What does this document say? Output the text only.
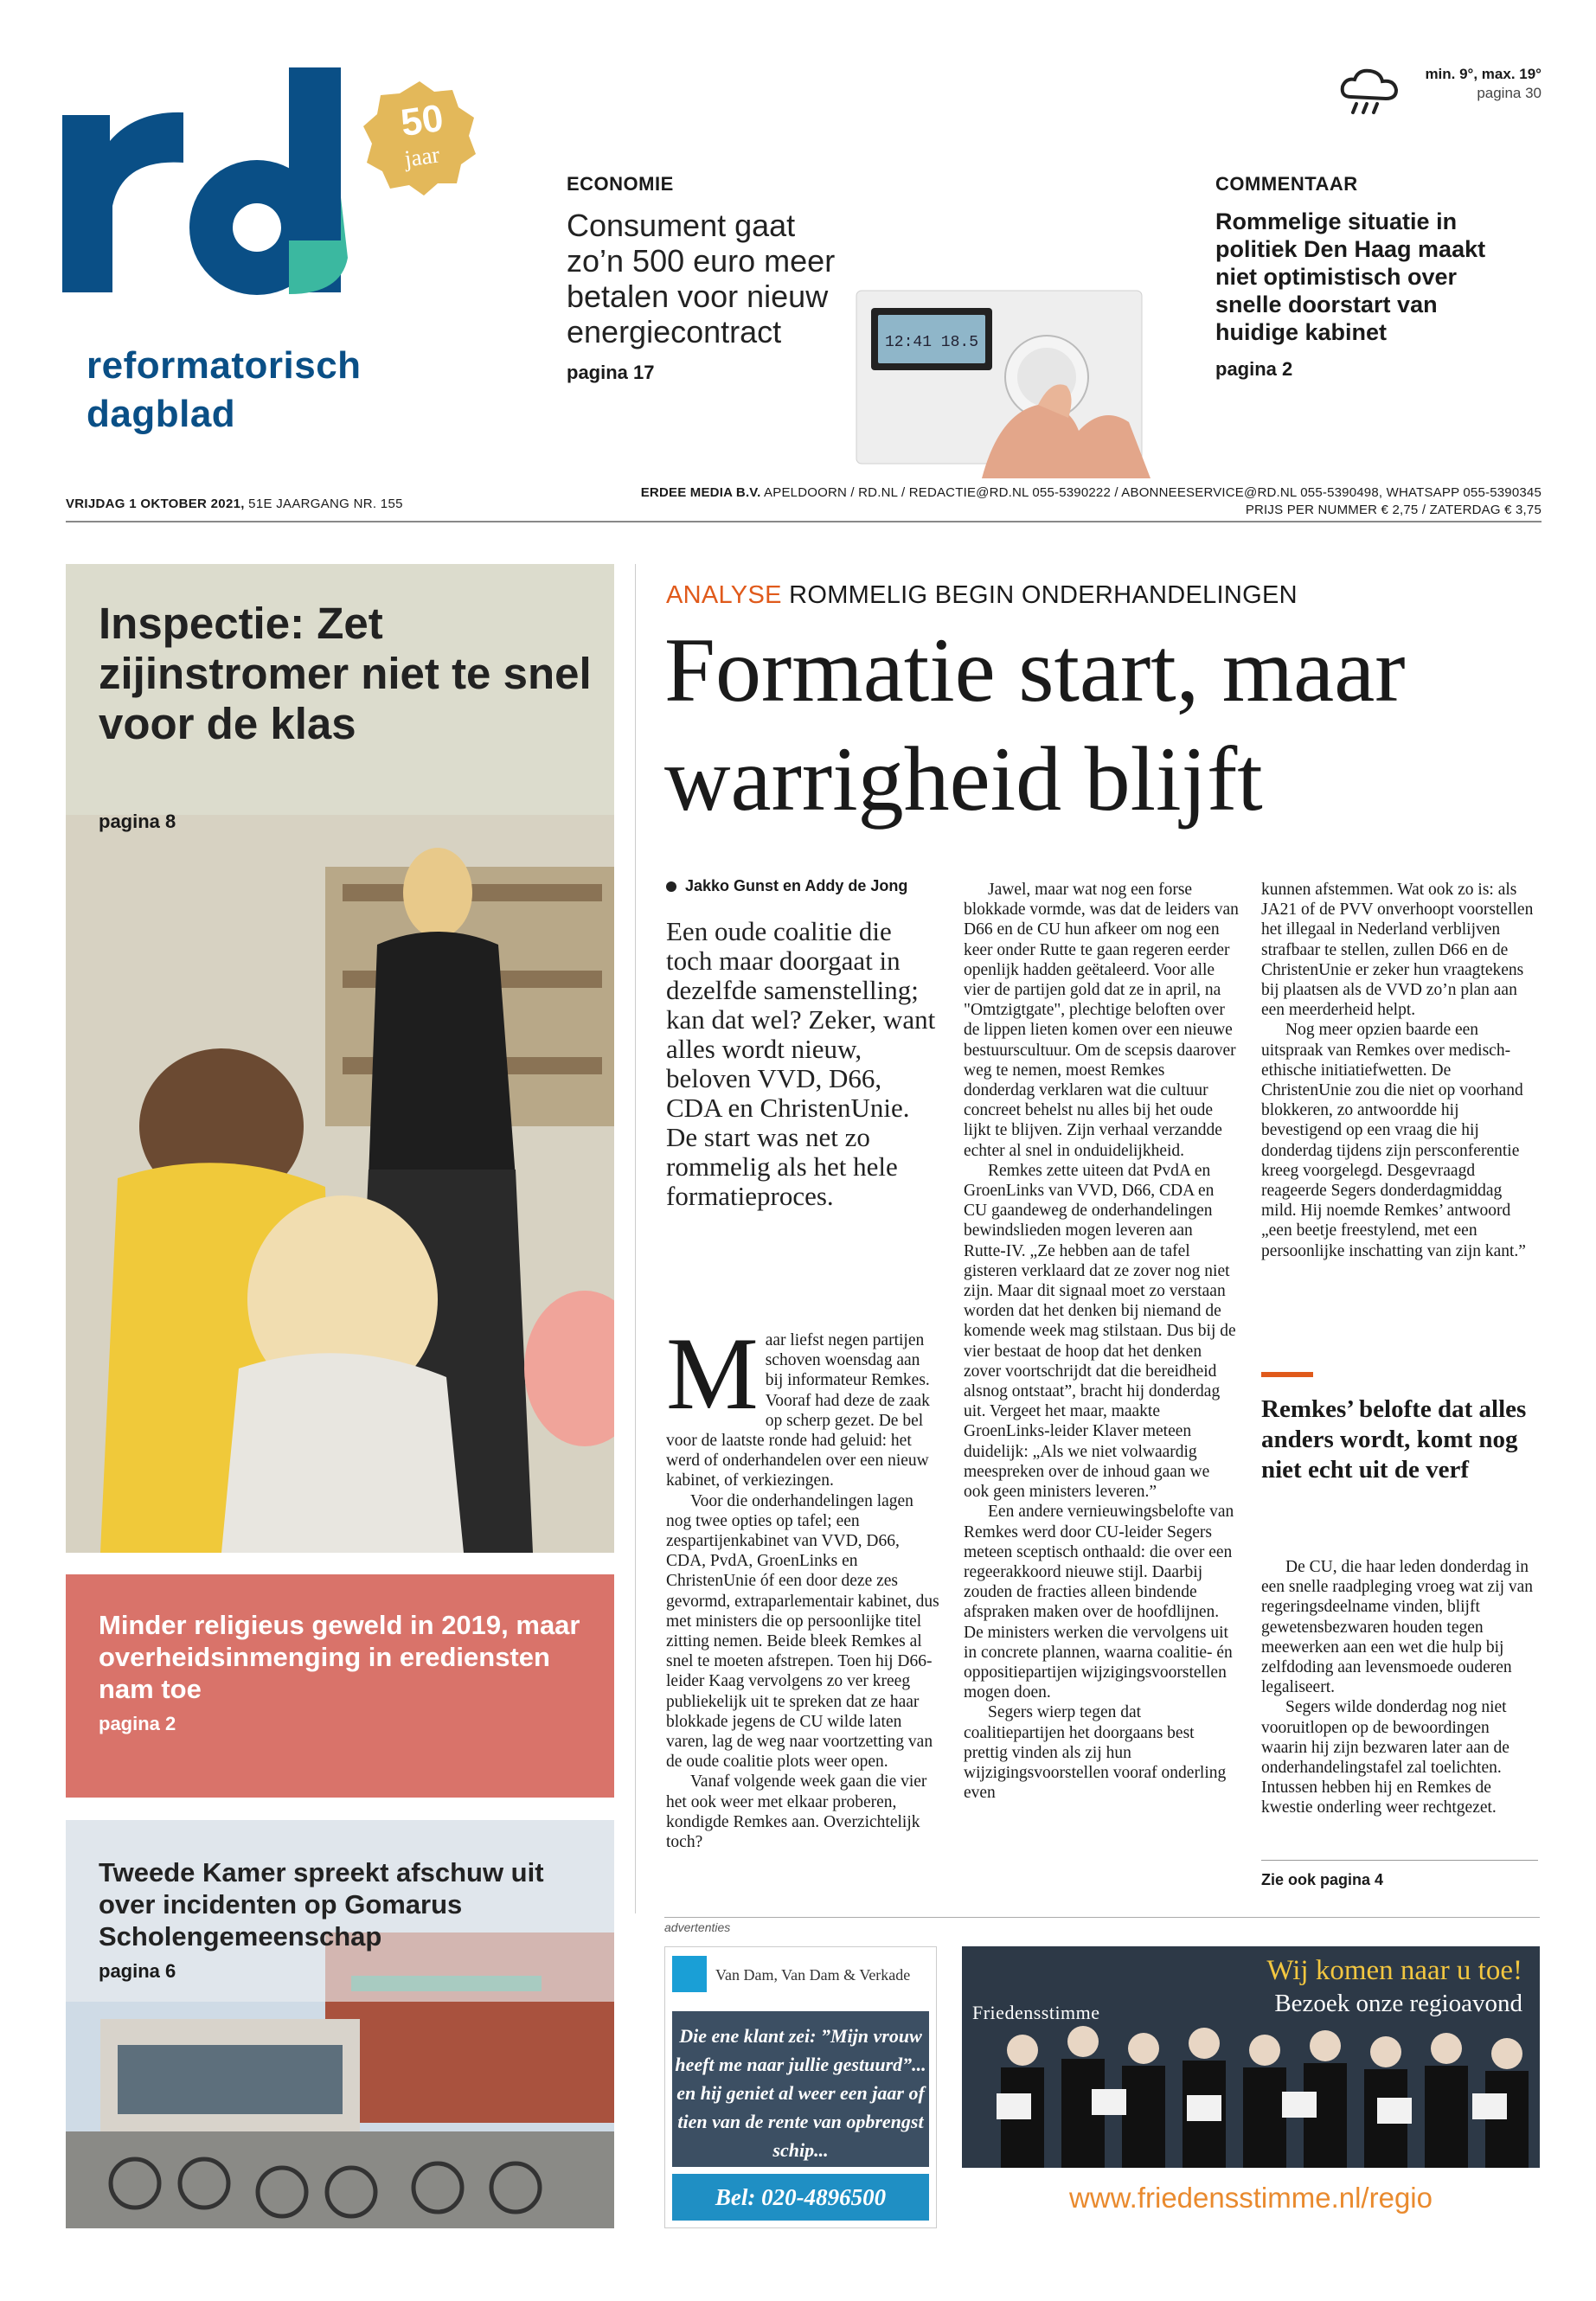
50
jaar
reformatorisch
dagblad
ECONOMIE
Consument gaat zo’n 500 euro meer betalen voor nieuw energiecontract
pagina 17
12:41 18.5
COMMENTAAR
Rommelige situatie in politiek Den Haag maakt niet optimistisch over snelle doorstart van huidige kabinet
pagina 2
min. 9°, max. 19°
pagina 30
VRIJDAG 1 OKTOBER 2021, 51E JAARGANG NR. 155
ERDEE MEDIA B.V. APELDOORN / RD.NL / REDACTIE@RD.NL 055-5390222 / ABONNEESERVICE@RD.NL 055-5390498, WHATSAPP 055-5390345
PRIJS PER NUMMER € 2,75 / ZATERDAG € 3,75
Inspectie: Zet zijinstromer niet te snel voor de klas
pagina 8
Minder religieus geweld in 2019, maar overheidsinmenging in erediensten nam toe
pagina 2
Tweede Kamer spreekt afschuw uit over incidenten op Gomarus Scholengemeenschap
pagina 6
ANALYSE ROMMELIG BEGIN ONDERHANDELINGEN
Formatie start, maar warrigheid blijft
Jakko Gunst en Addy de Jong
Een oude coalitie die toch maar doorgaat in dezelfde samenstelling; kan dat wel? Zeker, want alles wordt nieuw, beloven VVD, D66, CDA en ChristenUnie. De start was net zo rommelig als het hele formatieproces.
M aar liefst negen partijen schoven woensdag aan bij informateur Remkes. Vooraf had deze de zaak op scherp gezet. De bel voor de laatste ronde had geluid: het werd of onderhandelen over een nieuw kabinet, of verkiezingen.

Voor die onderhandelingen lagen nog twee opties op tafel; een zespartijenkabinet van VVD, D66, CDA, PvdA, GroenLinks en ChristenUnie óf een door deze zes gevormd, extraparlementair kabinet, dus met ministers die op persoonlijke titel zitting nemen. Beide bleek Remkes al snel te moeten afstrepen. Toen hij D66-leider Kaag vervolgens zo ver kreeg publiekelijk uit te spreken dat ze haar blokkade jegens de CU wilde laten varen, lag de weg naar voortzetting van de oude coalitie plots weer open.

Vanaf volgende week gaan die vier het ook weer met elkaar proberen, kondigde Remkes aan. Overzichtelijk toch?

Jawel, maar wat nog een forse blokkade vormde, was dat de leiders van D66 en de CU hun afkeer om nog een keer onder Rutte te gaan regeren eerder openlijk hadden geëtaleerd. Voor alle vier de partijen gold dat ze in april, na "Omtzigtgate", plechtige beloften over de lippen lieten komen over een nieuwe bestuurscultuur. Om de scepsis daarover weg te nemen, moest Remkes donderdag verklaren wat die cultuur concreet behelst nu alles bij het oude lijkt te blijven. Zijn verhaal verzandde echter al snel in onduidelijkheid.

Remkes zette uiteen dat PvdA en GroenLinks van VVD, D66, CDA en CU gaandeweg de onderhandelingen bewindslieden mogen leveren aan Rutte-IV. „Ze hebben aan de tafel gisteren verklaard dat ze zover nog niet zijn. Maar dit signaal moet zo verstaan worden dat het denken bij niemand de komende week mag stilstaan. Dus bij de vier bestaat de hoop dat het denken zover voortschrijdt dat die bereidheid alsnog ontstaat”, bracht hij donderdag uit. Vergeet het maar, maakte GroenLinks-leider Klaver meteen duidelijk: „Als we niet volwaardig meespreken over de inhoud gaan we ook geen ministers leveren.”

Een andere vernieuwingsbelofte van Remkes werd door CU-leider Segers meteen sceptisch onthaald: die over een regeerakkoord nieuwe stijl. Daarbij zouden de fracties alleen bindende afspraken maken over de hoofdlijnen. De ministers werken die vervolgens uit in concrete plannen, waarna coalitie- én oppositiepartijen wijzigingsvoorstellen mogen doen.

Segers wierp tegen dat coalitiepartijen het doorgaans best prettig vinden als zij hun wijzigingsvoorstellen vooraf onderling even

kunnen afstemmen. Wat ook zo is: als JA21 of de PVV onverhoopt voorstellen het illegaal in Nederland verblijven strafbaar te stellen, zullen D66 en de ChristenUnie er zeker hun vraagtekens bij plaatsen als de VVD zo’n plan aan een meerderheid helpt.

Nog meer opzien baarde een uitspraak van Remkes over medisch-ethische initiatiefwetten. De ChristenUnie zou die niet op voorhand blokkeren, zo antwoordde hij bevestigend op een vraag die hij donderdag tijdens zijn persconferentie kreeg voorgelegd. Desgevraagd reageerde Segers donderdagmiddag mild. Hij noemde Remkes’ antwoord „een beetje freestylend, met een persoonlijke inschatting van zijn kant.”

Remkes’ belofte dat alles anders wordt, komt nog niet echt uit de verf

De CU, die haar leden donderdag in een snelle raadpleging vroeg wat zij van regeringsdeelname vinden, blijft gewetensbezwaren houden tegen meewerken aan een wet die hulp bij zelfdoding aan levensmoede ouderen legaliseert.

Segers wilde donderdag nog niet vooruitlopen op de bewoordingen waarin hij zijn bezwaren later aan de onderhandelingstafel zal toelichten. Intussen hebben hij en Remkes de kwestie onderling weer rechtgezet.

Zie ook pagina 4
advertenties
Van Dam, Van Dam & Verkade
Die ene klant zei: ”Mijn vrouw heeft me naar jullie gestuurd”... en hij geniet al weer een jaar of tien van de rente van opbrengst schip...
Bel: 020-4896500
Friedensstimme
Wij komen naar u toe!
Bezoek onze regioavond
www.friedensstimme.nl/regio
